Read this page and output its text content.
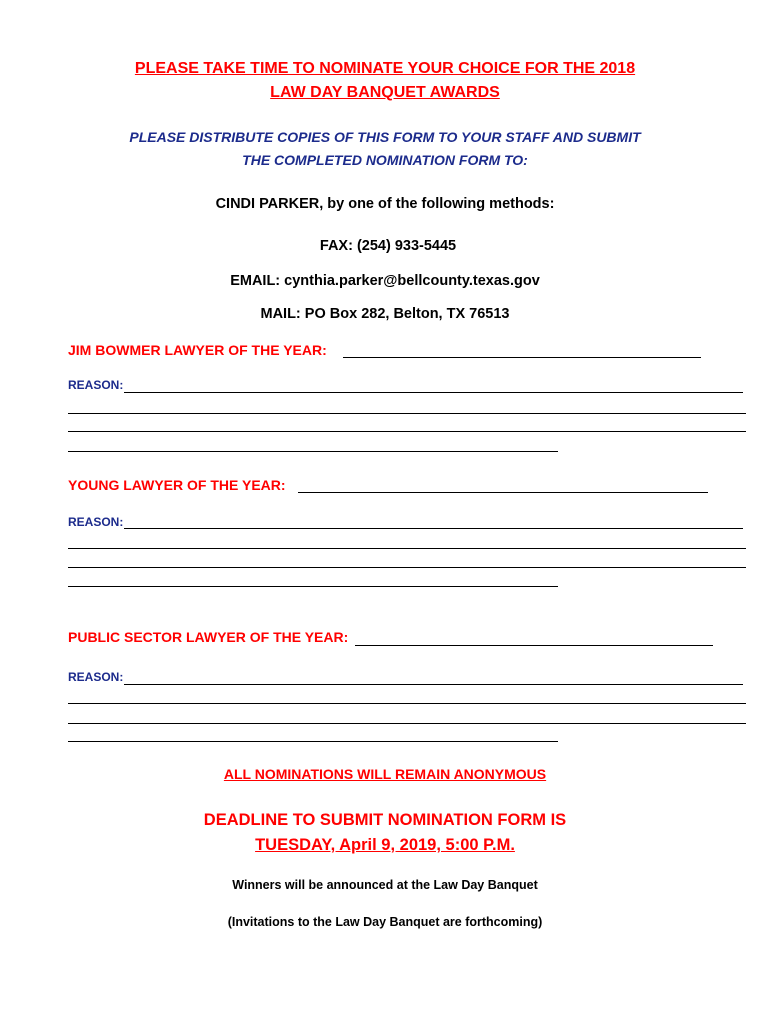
PLEASE TAKE TIME TO NOMINATE YOUR CHOICE FOR THE 2018
LAW DAY BANQUET AWARDS
PLEASE DISTRIBUTE COPIES OF THIS FORM TO YOUR STAFF AND SUBMIT
THE COMPLETED NOMINATION FORM TO:
CINDI PARKER, by one of the following methods:
FAX: (254) 933-5445
EMAIL: cynthia.parker@bellcounty.texas.gov
MAIL: PO Box 282, Belton, TX 76513
JIM BOWMER LAWYER OF THE YEAR:
REASON:
YOUNG LAWYER OF THE YEAR:
REASON:
PUBLIC SECTOR LAWYER OF THE YEAR:
REASON:
ALL NOMINATIONS WILL REMAIN ANONYMOUS
DEADLINE TO SUBMIT NOMINATION FORM IS
TUESDAY, April 9, 2019, 5:00 P.M.
Winners will be announced at the Law Day Banquet
(Invitations to the Law Day Banquet are forthcoming)
